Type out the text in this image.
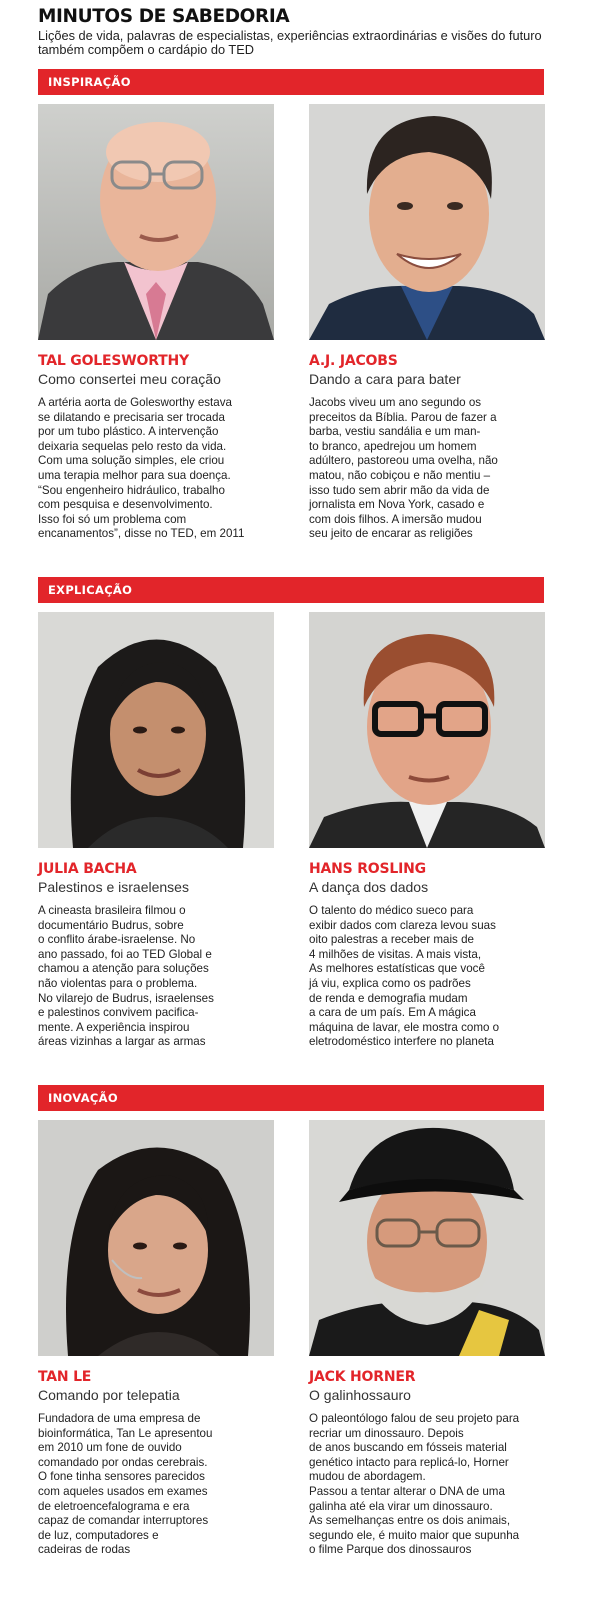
MINUTOS DE SABEDORIA
Lições de vida, palavras de especialistas, experiências extraordinárias e visões do futuro também compõem o cardápio do TED
INSPIRAÇÃO
TAL GOLESWORTHY
Como consertei meu coração
A artéria aorta de Golesworthy estava
se dilatando e precisaria ser trocada
por um tubo plástico. A intervenção
deixaria sequelas pelo resto da vida.
Com uma solução simples, ele criou
uma terapia melhor para sua doença.
“Sou engenheiro hidráulico, trabalho
com pesquisa e desenvolvimento.
Isso foi só um problema com
encanamentos”, disse no TED, em 2011
A.J. JACOBS
Dando a cara para bater
Jacobs viveu um ano segundo os
preceitos da Bíblia. Parou de fazer a
barba, vestiu sandália e um man-
to branco, apedrejou um homem
adúltero, pastoreou uma ovelha, não
matou, não cobiçou e não mentiu –
isso tudo sem abrir mão da vida de
jornalista em Nova York, casado e
com dois filhos. A imersão mudou
seu jeito de encarar as religiões
EXPLICAÇÃO
JULIA BACHA
Palestinos e israelenses
A cineasta brasileira filmou o
documentário Budrus, sobre
o conflito árabe-israelense. No
ano passado, foi ao TED Global e
chamou a atenção para soluções
não violentas para o problema.
No vilarejo de Budrus, israelenses
e palestinos convivem pacifica-
mente. A experiência inspirou
áreas vizinhas a largar as armas
HANS ROSLING
A dança dos dados
O talento do médico sueco para
exibir dados com clareza levou suas
oito palestras a receber mais de
4 milhões de visitas. A mais vista,
As melhores estatísticas que você
já viu, explica como os padrões
de renda e demografia mudam
a cara de um país. Em A mágica
máquina de lavar, ele mostra como o
eletrodoméstico interfere no planeta
INOVAÇÃO
TAN LE
Comando por telepatia
Fundadora de uma empresa de
bioinformática, Tan Le apresentou
em 2010 um fone de ouvido
comandado por ondas cerebrais.
O fone tinha sensores parecidos
com aqueles usados em exames
de eletroencefalograma e era
capaz de comandar interruptores
de luz, computadores e
cadeiras de rodas
JACK HORNER
O galinhossauro
O paleontólogo falou de seu projeto para
recriar um dinossauro. Depois
de anos buscando em fósseis material
genético intacto para replicá-lo, Horner
mudou de abordagem.
Passou a tentar alterar o DNA de uma
galinha até ela virar um dinossauro.
As semelhanças entre os dois animais,
segundo ele, é muito maior que supunha
o filme Parque dos dinossauros
